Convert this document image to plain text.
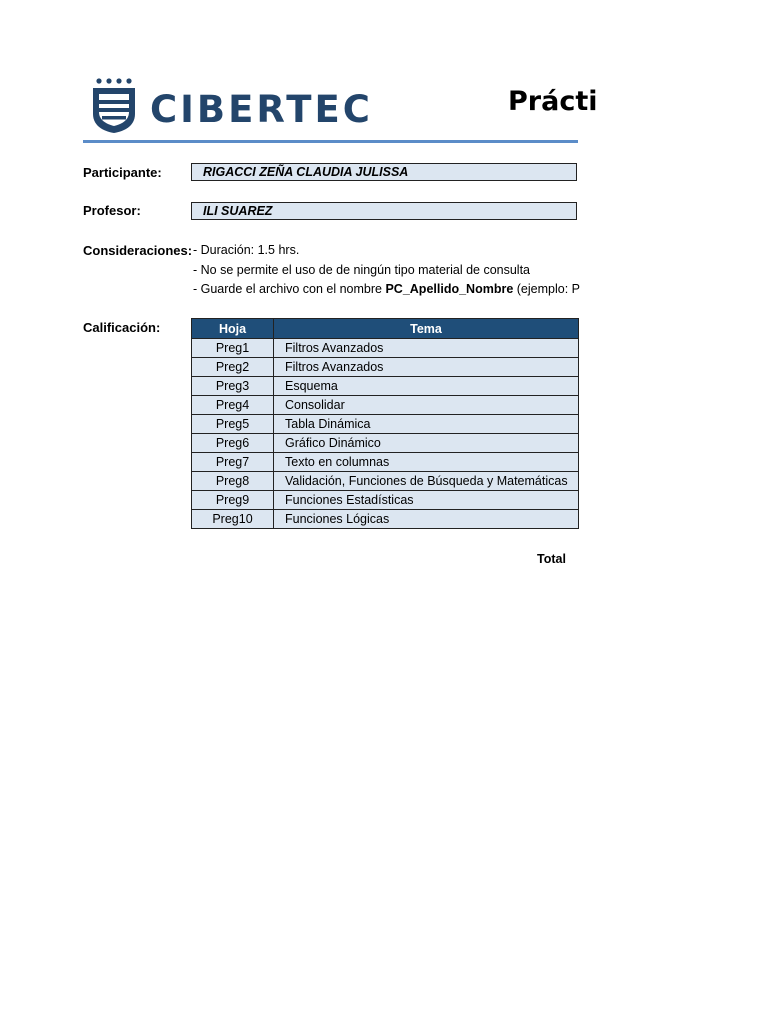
CIBERTEC	Prácti
Participante:	RIGACCI ZEÑA CLAUDIA JULISSA
Profesor:	ILI SUAREZ
Consideraciones: - Duración: 1.5 hrs.
- No se permite el uso de de ningún tipo material de consulta
- Guarde el archivo con el nombre PC_Apellido_Nombre (ejemplo: P
Calificación:	Hoja	Tema
Preg1	Filtros Avanzados
Preg2	Filtros Avanzados
Preg3	Esquema
Preg4	Consolidar
Preg5	Tabla Dinámica
Preg6	Gráfico Dinámico
Preg7	Texto en columnas
Preg8	Validación, Funciones de Búsqueda y Matemáticas
Preg9	Funciones Estadísticas
Preg10	Funciones Lógicas
Total
